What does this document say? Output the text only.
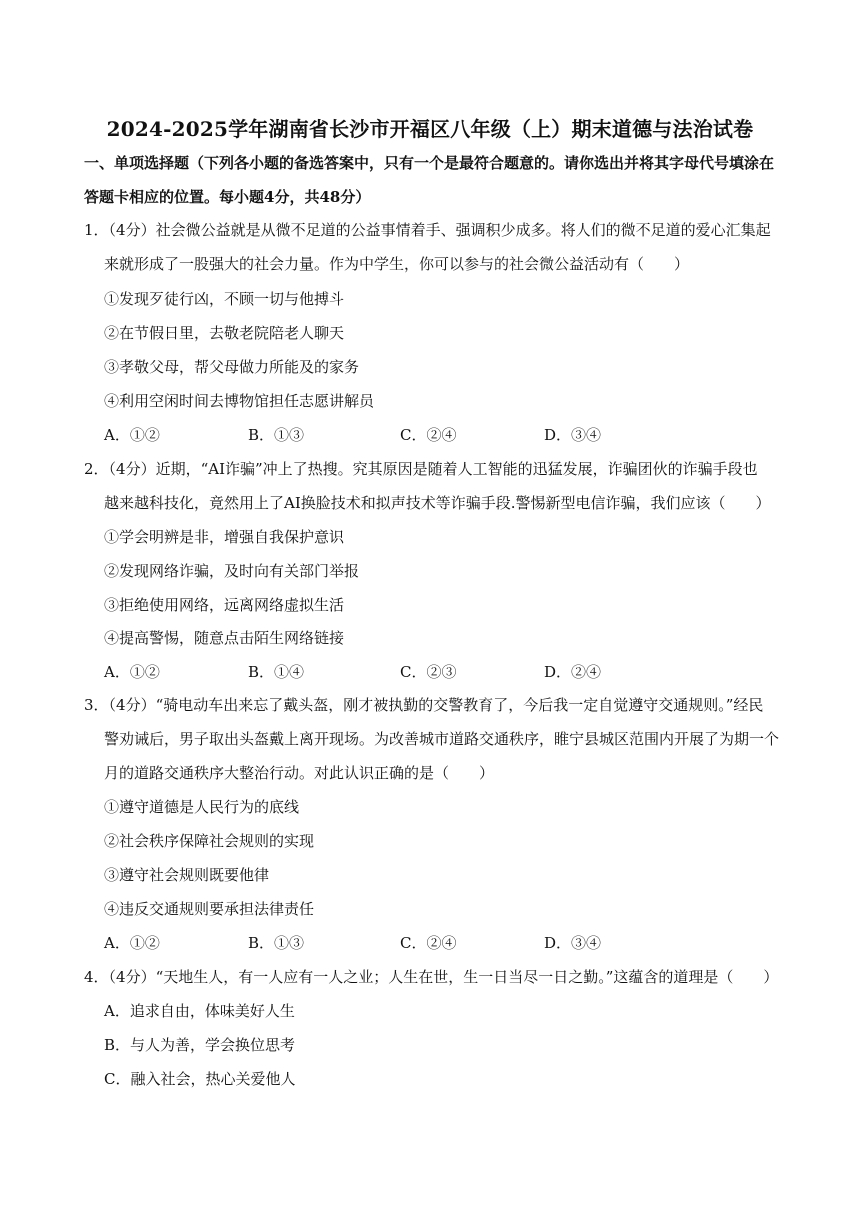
2024-2025学年湖南省长沙市开福区八年级（上）期末道德与法治试卷
一、单项选择题（下列各小题的备选答案中，只有一个是最符合题意的。请你选出并将其字母代号填涂在
答题卡相应的位置。每小题4分，共48分）
1．（4分）社会微公益就是从微不足道的公益事情着手、强调积少成多。将人们的微不足道的爱心汇集起
来就形成了一股强大的社会力量。作为中学生，你可以参与的社会微公益活动有（　　）
①发现歹徒行凶，不顾一切与他搏斗
②在节假日里，去敬老院陪老人聊天
③孝敬父母，帮父母做力所能及的家务
④利用空闲时间去博物馆担任志愿讲解员
A．①②	B．①③	C．②④	D．③④
2．（4分）近期，“AI诈骗”冲上了热搜。究其原因是随着人工智能的迅猛发展，诈骗团伙的诈骗手段也
越来越科技化，竟然用上了AI换脸技术和拟声技术等诈骗手段.警惕新型电信诈骗，我们应该（　　）
①学会明辨是非，增强自我保护意识
②发现网络诈骗，及时向有关部门举报
③拒绝使用网络，远离网络虚拟生活
④提高警惕，随意点击陌生网络链接
A．①②	B．①④	C．②③	D．②④
3．（4分）“骑电动车出来忘了戴头盔，刚才被执勤的交警教育了，今后我一定自觉遵守交通规则。”经民
警劝诫后，男子取出头盔戴上离开现场。为改善城市道路交通秩序，睢宁县城区范围内开展了为期一个
月的道路交通秩序大整治行动。对此认识正确的是（　　）
①遵守道德是人民行为的底线
②社会秩序保障社会规则的实现
③遵守社会规则既要他律
④违反交通规则要承担法律责任
A．①②	B．①③	C．②④	D．③④
4．（4分）“天地生人，有一人应有一人之业；人生在世，生一日当尽一日之勤。”这蕴含的道理是（　　）
A．追求自由，体味美好人生
B．与人为善，学会换位思考
C．融入社会，热心关爱他人
